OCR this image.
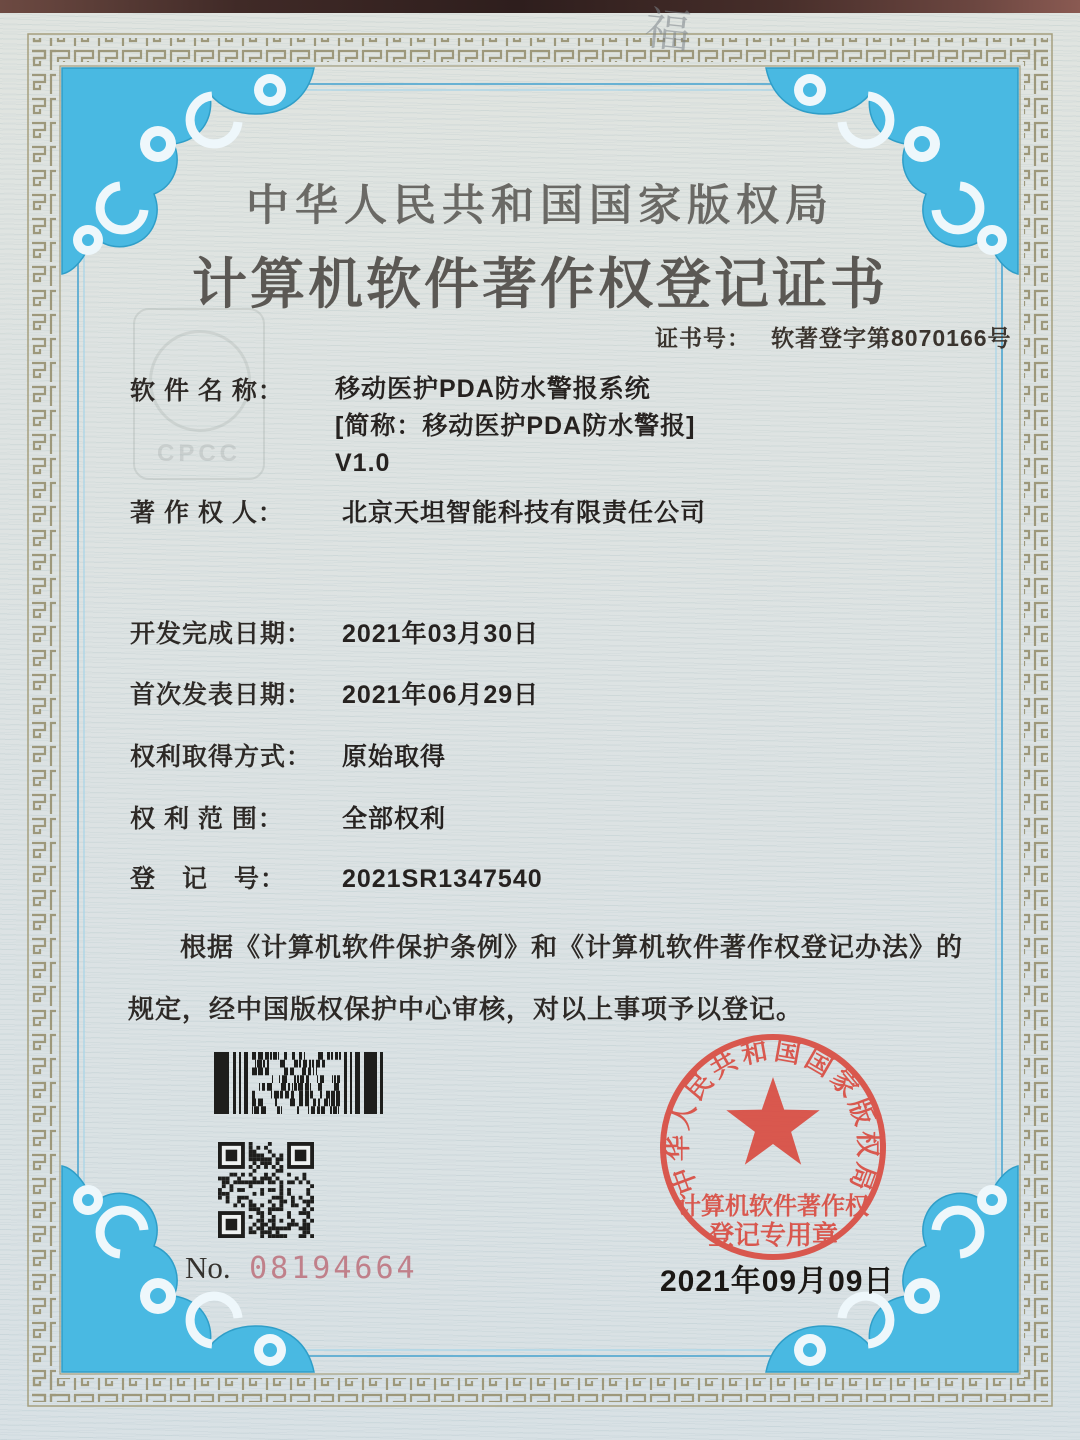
福
CPCC
中华人民共和国国家版权局
计算机软件著作权登记证书
证书号： 软著登字第8070166号
软 件 名 称：	移动医护PDA防水警报系统
[简称：移动医护PDA防水警报]
V1.0
著 作 权 人： 北京天坦智能科技有限责任公司
开发完成日期： 2021年03月30日
首次发表日期： 2021年06月29日
权利取得方式： 原始取得
权 利 范 围： 全部权利
登　记　号： 2021SR1347540
根据《计算机软件保护条例》和《计算机软件著作权登记办法》的
规定，经中国版权保护中心审核，对以上事项予以登记。
No. 08194664	2021年09月09日
中华人民共和国国家版权局
计算机软件著作权
登记专用章
